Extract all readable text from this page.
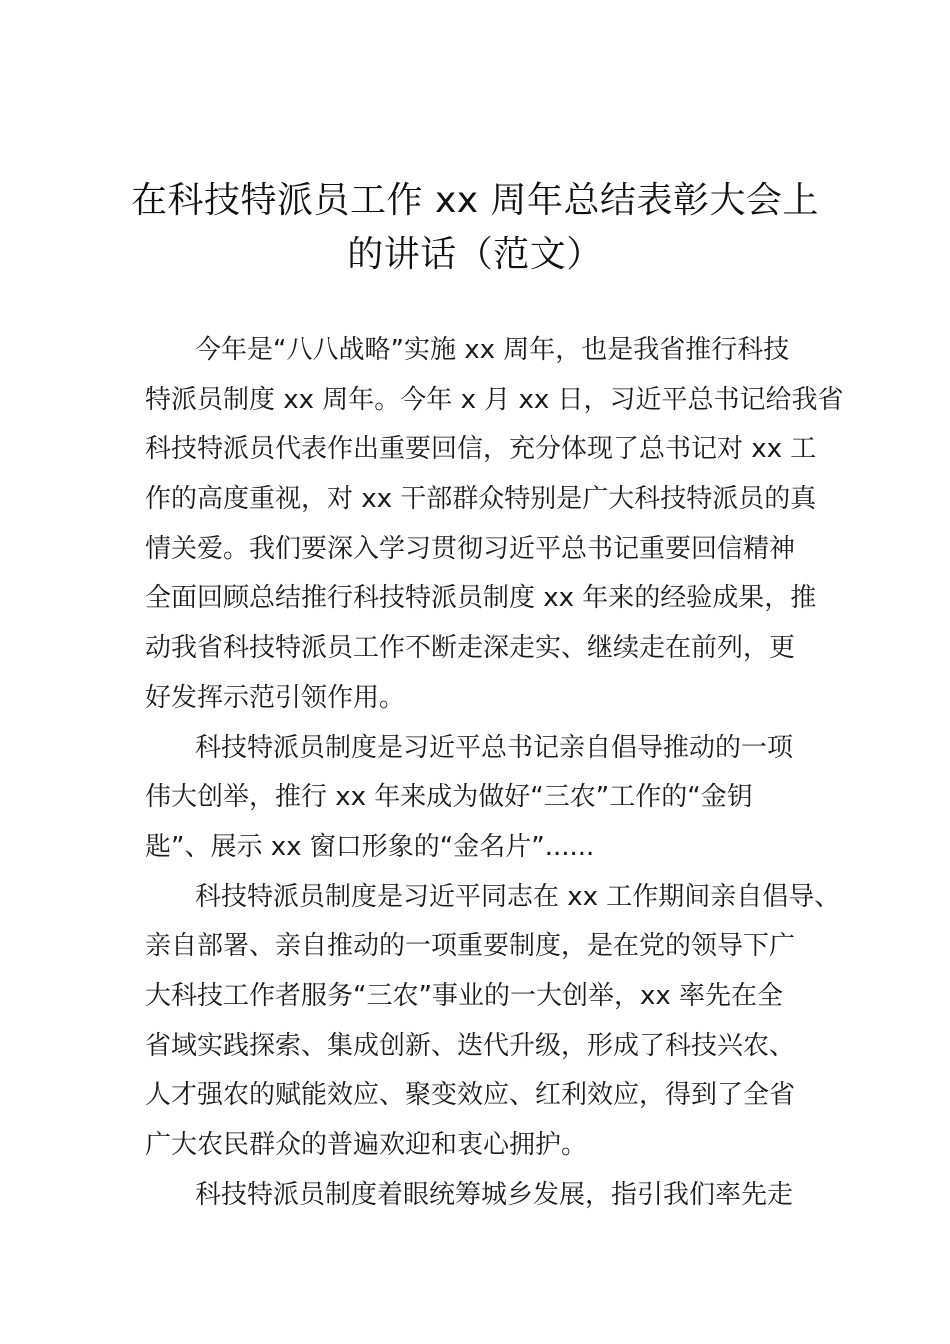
在科技特派员工作 xx 周年总结表彰大会上
的讲话（范文）
今年是“八八战略”实施 xx 周年，也是我省推行科技
特派员制度 xx 周年。今年 x 月 xx 日，习近平总书记给我省
科技特派员代表作出重要回信，充分体现了总书记对 xx 工
作的高度重视，对 xx 干部群众特别是广大科技特派员的真
情关爱。我们要深入学习贯彻习近平总书记重要回信精神
全面回顾总结推行科技特派员制度 xx 年来的经验成果，推
动我省科技特派员工作不断走深走实、继续走在前列，更
好发挥示范引领作用。
科技特派员制度是习近平总书记亲自倡导推动的一项
伟大创举，推行 xx 年来成为做好“三农”工作的“金钥
匙”、展示 xx 窗口形象的“金名片”......
科技特派员制度是习近平同志在 xx 工作期间亲自倡导、
亲自部署、亲自推动的一项重要制度，是在党的领导下广
大科技工作者服务“三农”事业的一大创举，xx 率先在全
省域实践探索、集成创新、迭代升级，形成了科技兴农、
人才强农的赋能效应、聚变效应、红利效应，得到了全省
广大农民群众的普遍欢迎和衷心拥护。
科技特派员制度着眼统筹城乡发展，指引我们率先走
